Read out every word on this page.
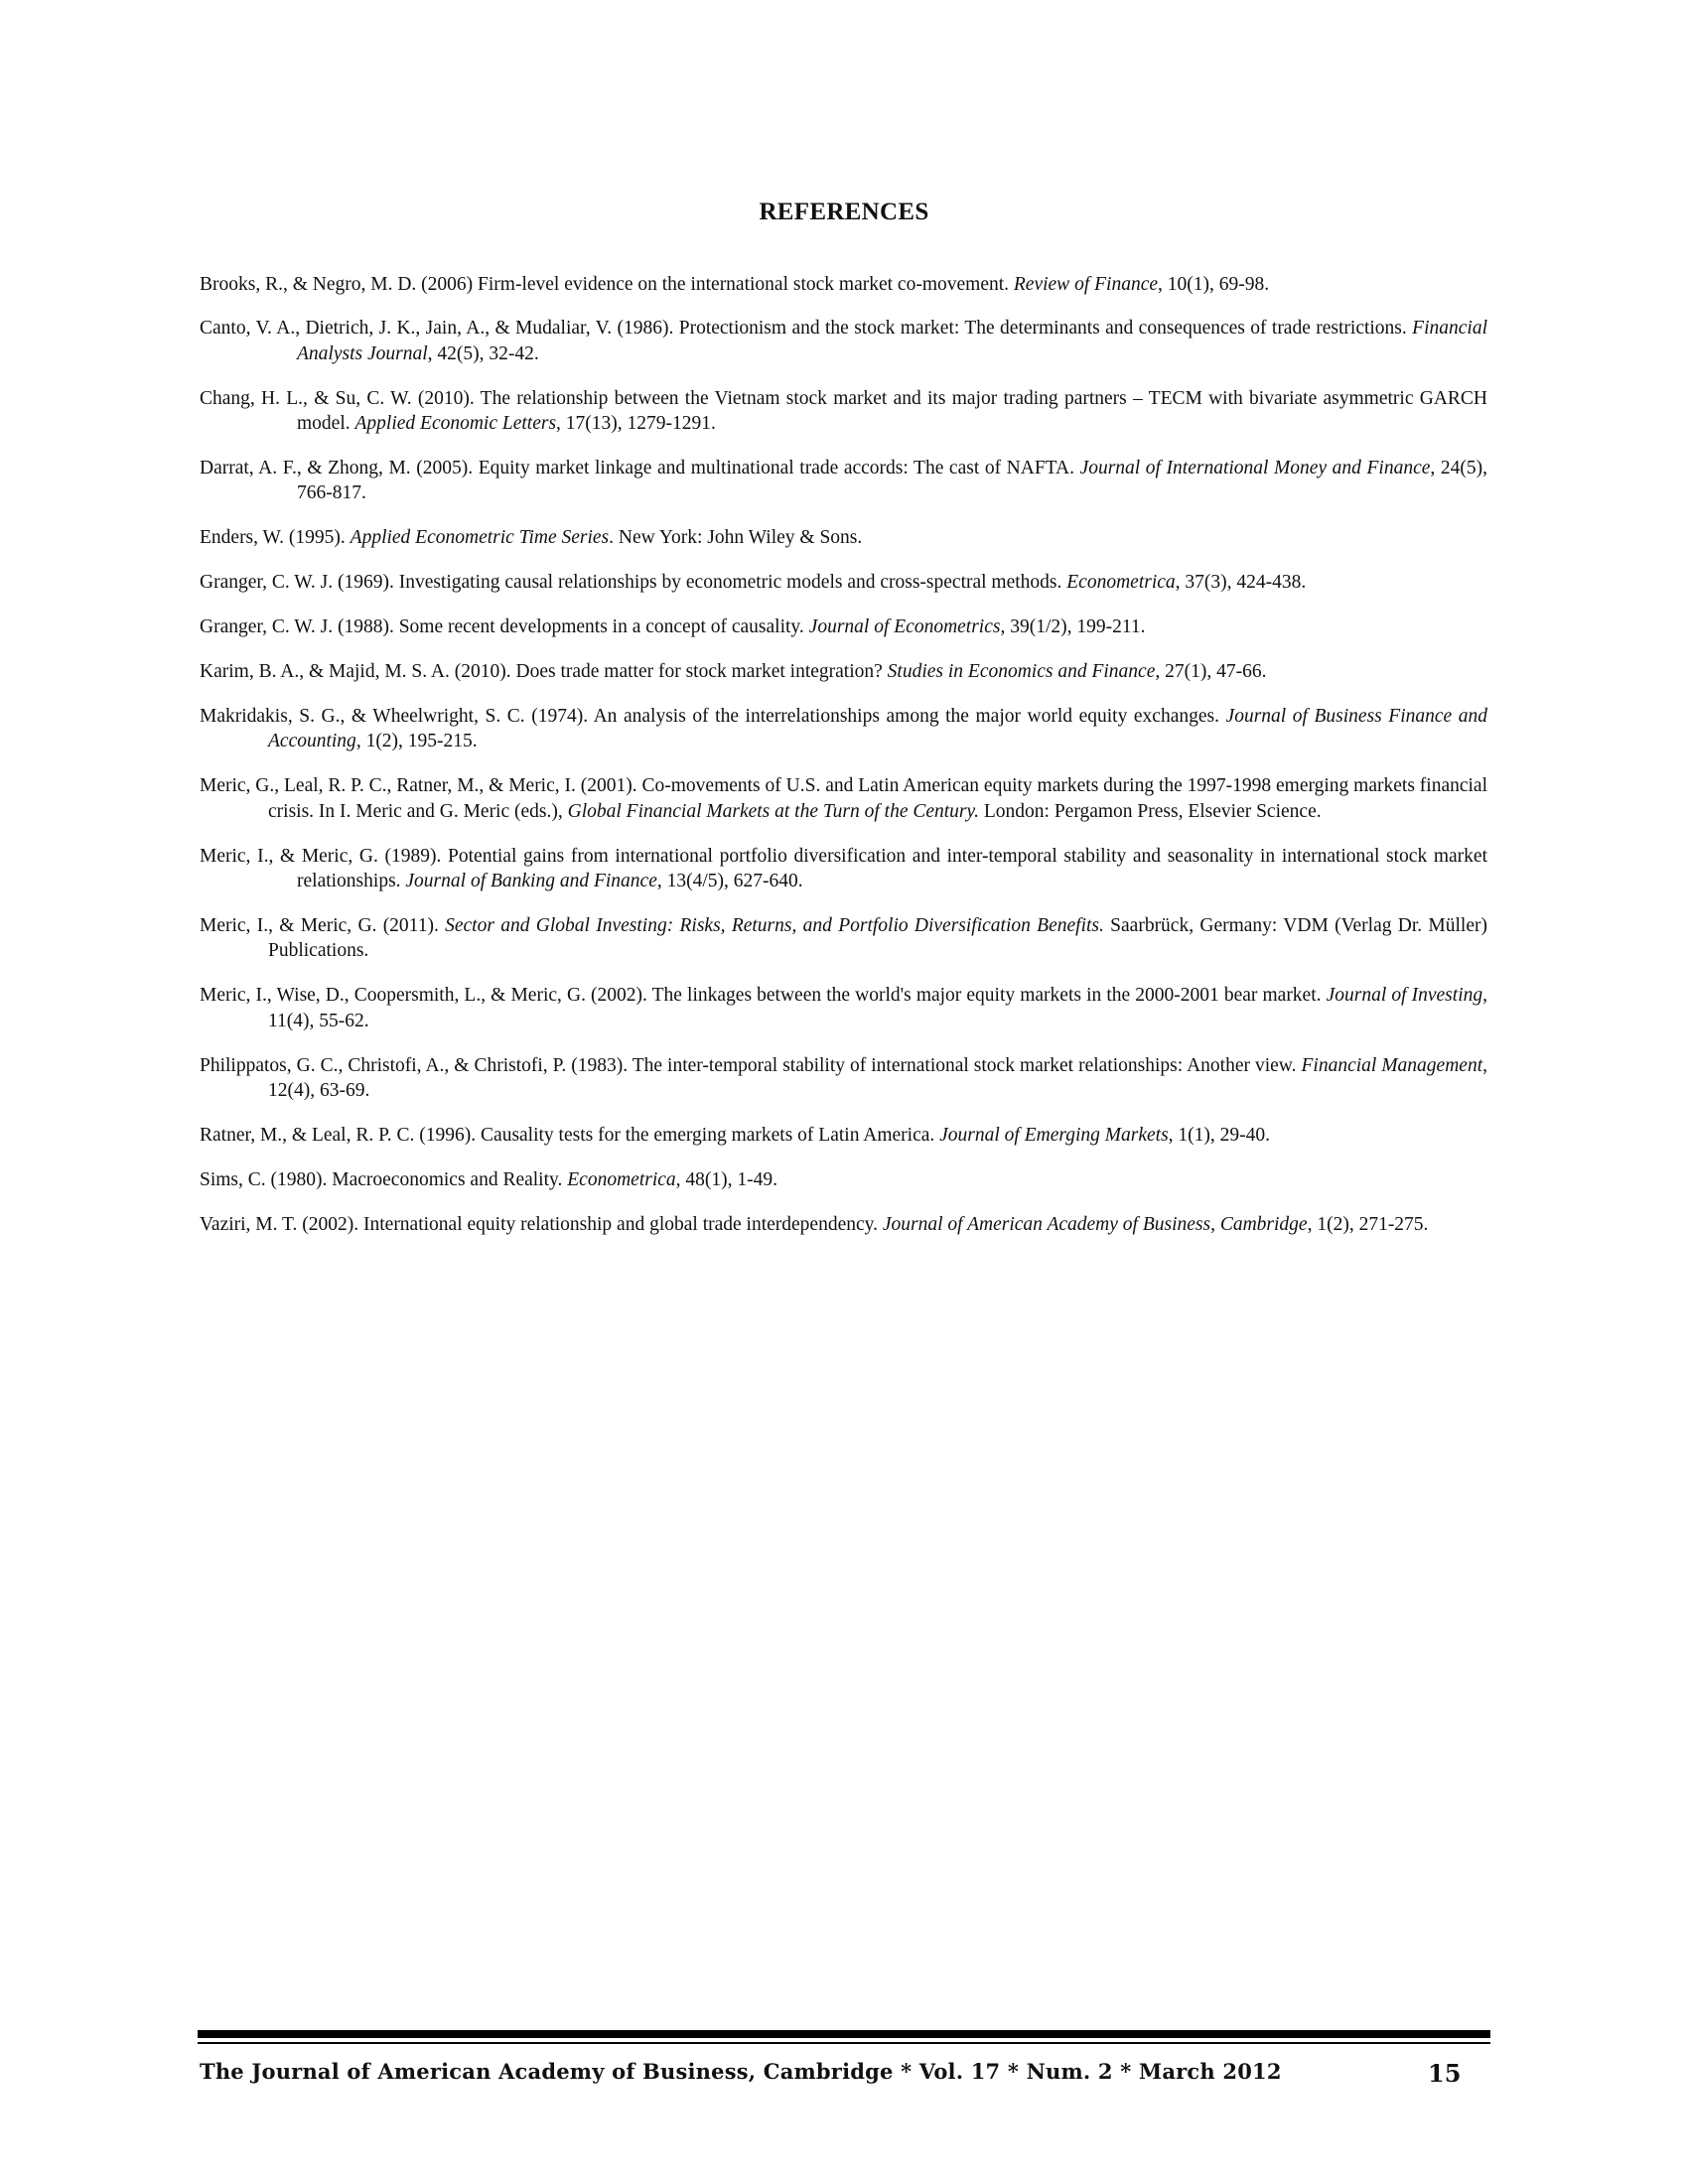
REFERENCES

Brooks, R., & Negro, M. D. (2006) Firm-level evidence on the international stock market co-movement. Review of Finance, 10(1), 69-98.

Canto, V. A., Dietrich, J. K., Jain, A., & Mudaliar, V. (1986). Protectionism and the stock market: The determinants and consequences of trade restrictions. Financial Analysts Journal, 42(5), 32-42.

Chang, H. L., & Su, C. W. (2010). The relationship between the Vietnam stock market and its major trading partners – TECM with bivariate asymmetric GARCH model. Applied Economic Letters, 17(13), 1279-1291.

Darrat, A. F., & Zhong, M. (2005). Equity market linkage and multinational trade accords: The cast of NAFTA. Journal of International Money and Finance, 24(5), 766-817.

Enders, W. (1995). Applied Econometric Time Series. New York: John Wiley & Sons.

Granger, C. W. J. (1969). Investigating causal relationships by econometric models and cross-spectral methods. Econometrica, 37(3), 424-438.

Granger, C. W. J. (1988). Some recent developments in a concept of causality. Journal of Econometrics, 39(1/2), 199-211.

Karim, B. A., & Majid, M. S. A. (2010). Does trade matter for stock market integration? Studies in Economics and Finance, 27(1), 47-66.

Makridakis, S. G., & Wheelwright, S. C. (1974). An analysis of the interrelationships among the major world equity exchanges. Journal of Business Finance and Accounting, 1(2), 195-215.

Meric, G., Leal, R. P. C., Ratner, M., & Meric, I. (2001). Co-movements of U.S. and Latin American equity markets during the 1997-1998 emerging markets financial crisis. In I. Meric and G. Meric (eds.), Global Financial Markets at the Turn of the Century. London: Pergamon Press, Elsevier Science.

Meric, I., & Meric, G. (1989). Potential gains from international portfolio diversification and inter-temporal stability and seasonality in international stock market relationships. Journal of Banking and Finance, 13(4/5), 627-640.

Meric, I., & Meric, G. (2011). Sector and Global Investing: Risks, Returns, and Portfolio Diversification Benefits. Saarbrück, Germany: VDM (Verlag Dr. Müller) Publications.

Meric, I., Wise, D., Coopersmith, L., & Meric, G. (2002). The linkages between the world's major equity markets in the 2000-2001 bear market. Journal of Investing, 11(4), 55-62.

Philippatos, G. C., Christofi, A., & Christofi, P. (1983). The inter-temporal stability of international stock market relationships: Another view. Financial Management, 12(4), 63-69.

Ratner, M., & Leal, R. P. C. (1996). Causality tests for the emerging markets of Latin America. Journal of Emerging Markets, 1(1), 29-40.

Sims, C. (1980). Macroeconomics and Reality. Econometrica, 48(1), 1-49.

Vaziri, M. T. (2002). International equity relationship and global trade interdependency. Journal of American Academy of Business, Cambridge, 1(2), 271-275.

The Journal of American Academy of Business, Cambridge * Vol. 17 * Num. 2 * March 2012	15
